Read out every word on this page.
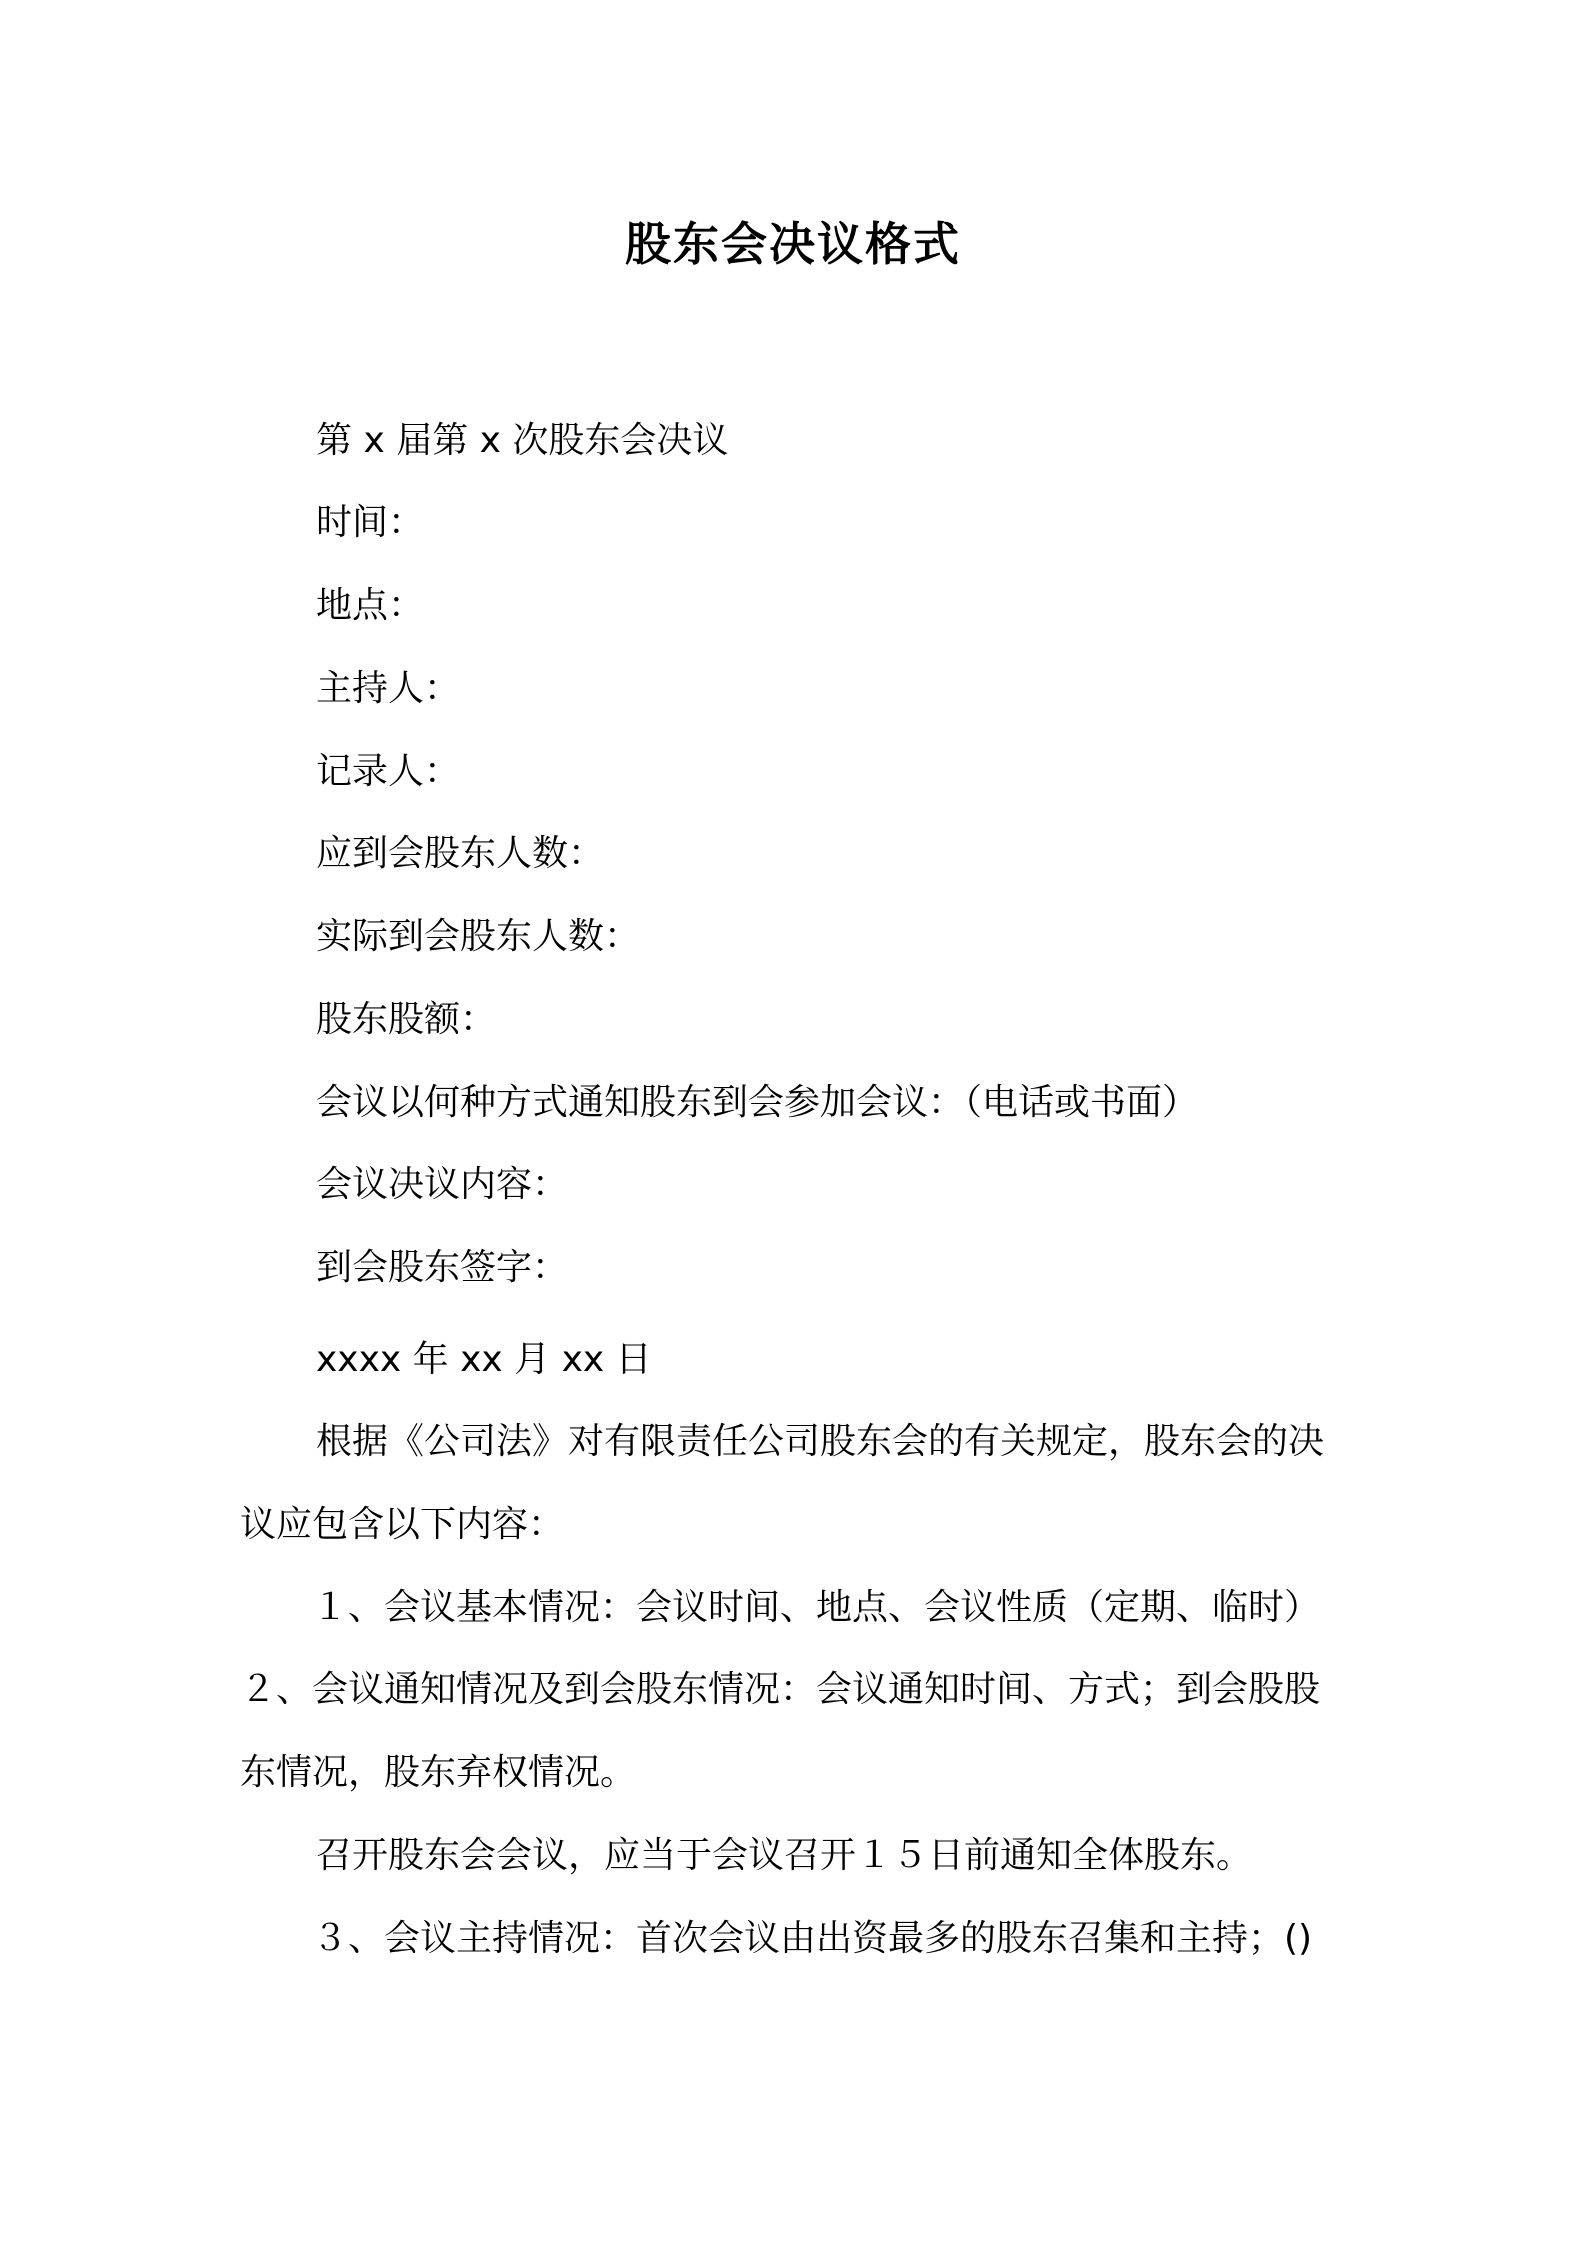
股东会决议格式
第 x 届第 x 次股东会决议
时间：
地点：
主持人：
记录人：
应到会股东人数：
实际到会股东人数：
股东股额：
会议以何种方式通知股东到会参加会议：（电话或书面）
会议决议内容：
到会股东签字：
xxxx 年 xx 月 xx 日
根据《公司法》对有限责任公司股东会的有关规定，股东会的决
议应包含以下内容：
１、会议基本情况：会议时间、地点、会议性质（定期、临时）
２、会议通知情况及到会股东情况：会议通知时间、方式；到会股股
东情况，股东弃权情况。
召开股东会会议，应当于会议召开１５日前通知全体股东。
３、会议主持情况：首次会议由出资最多的股东召集和主持；()
